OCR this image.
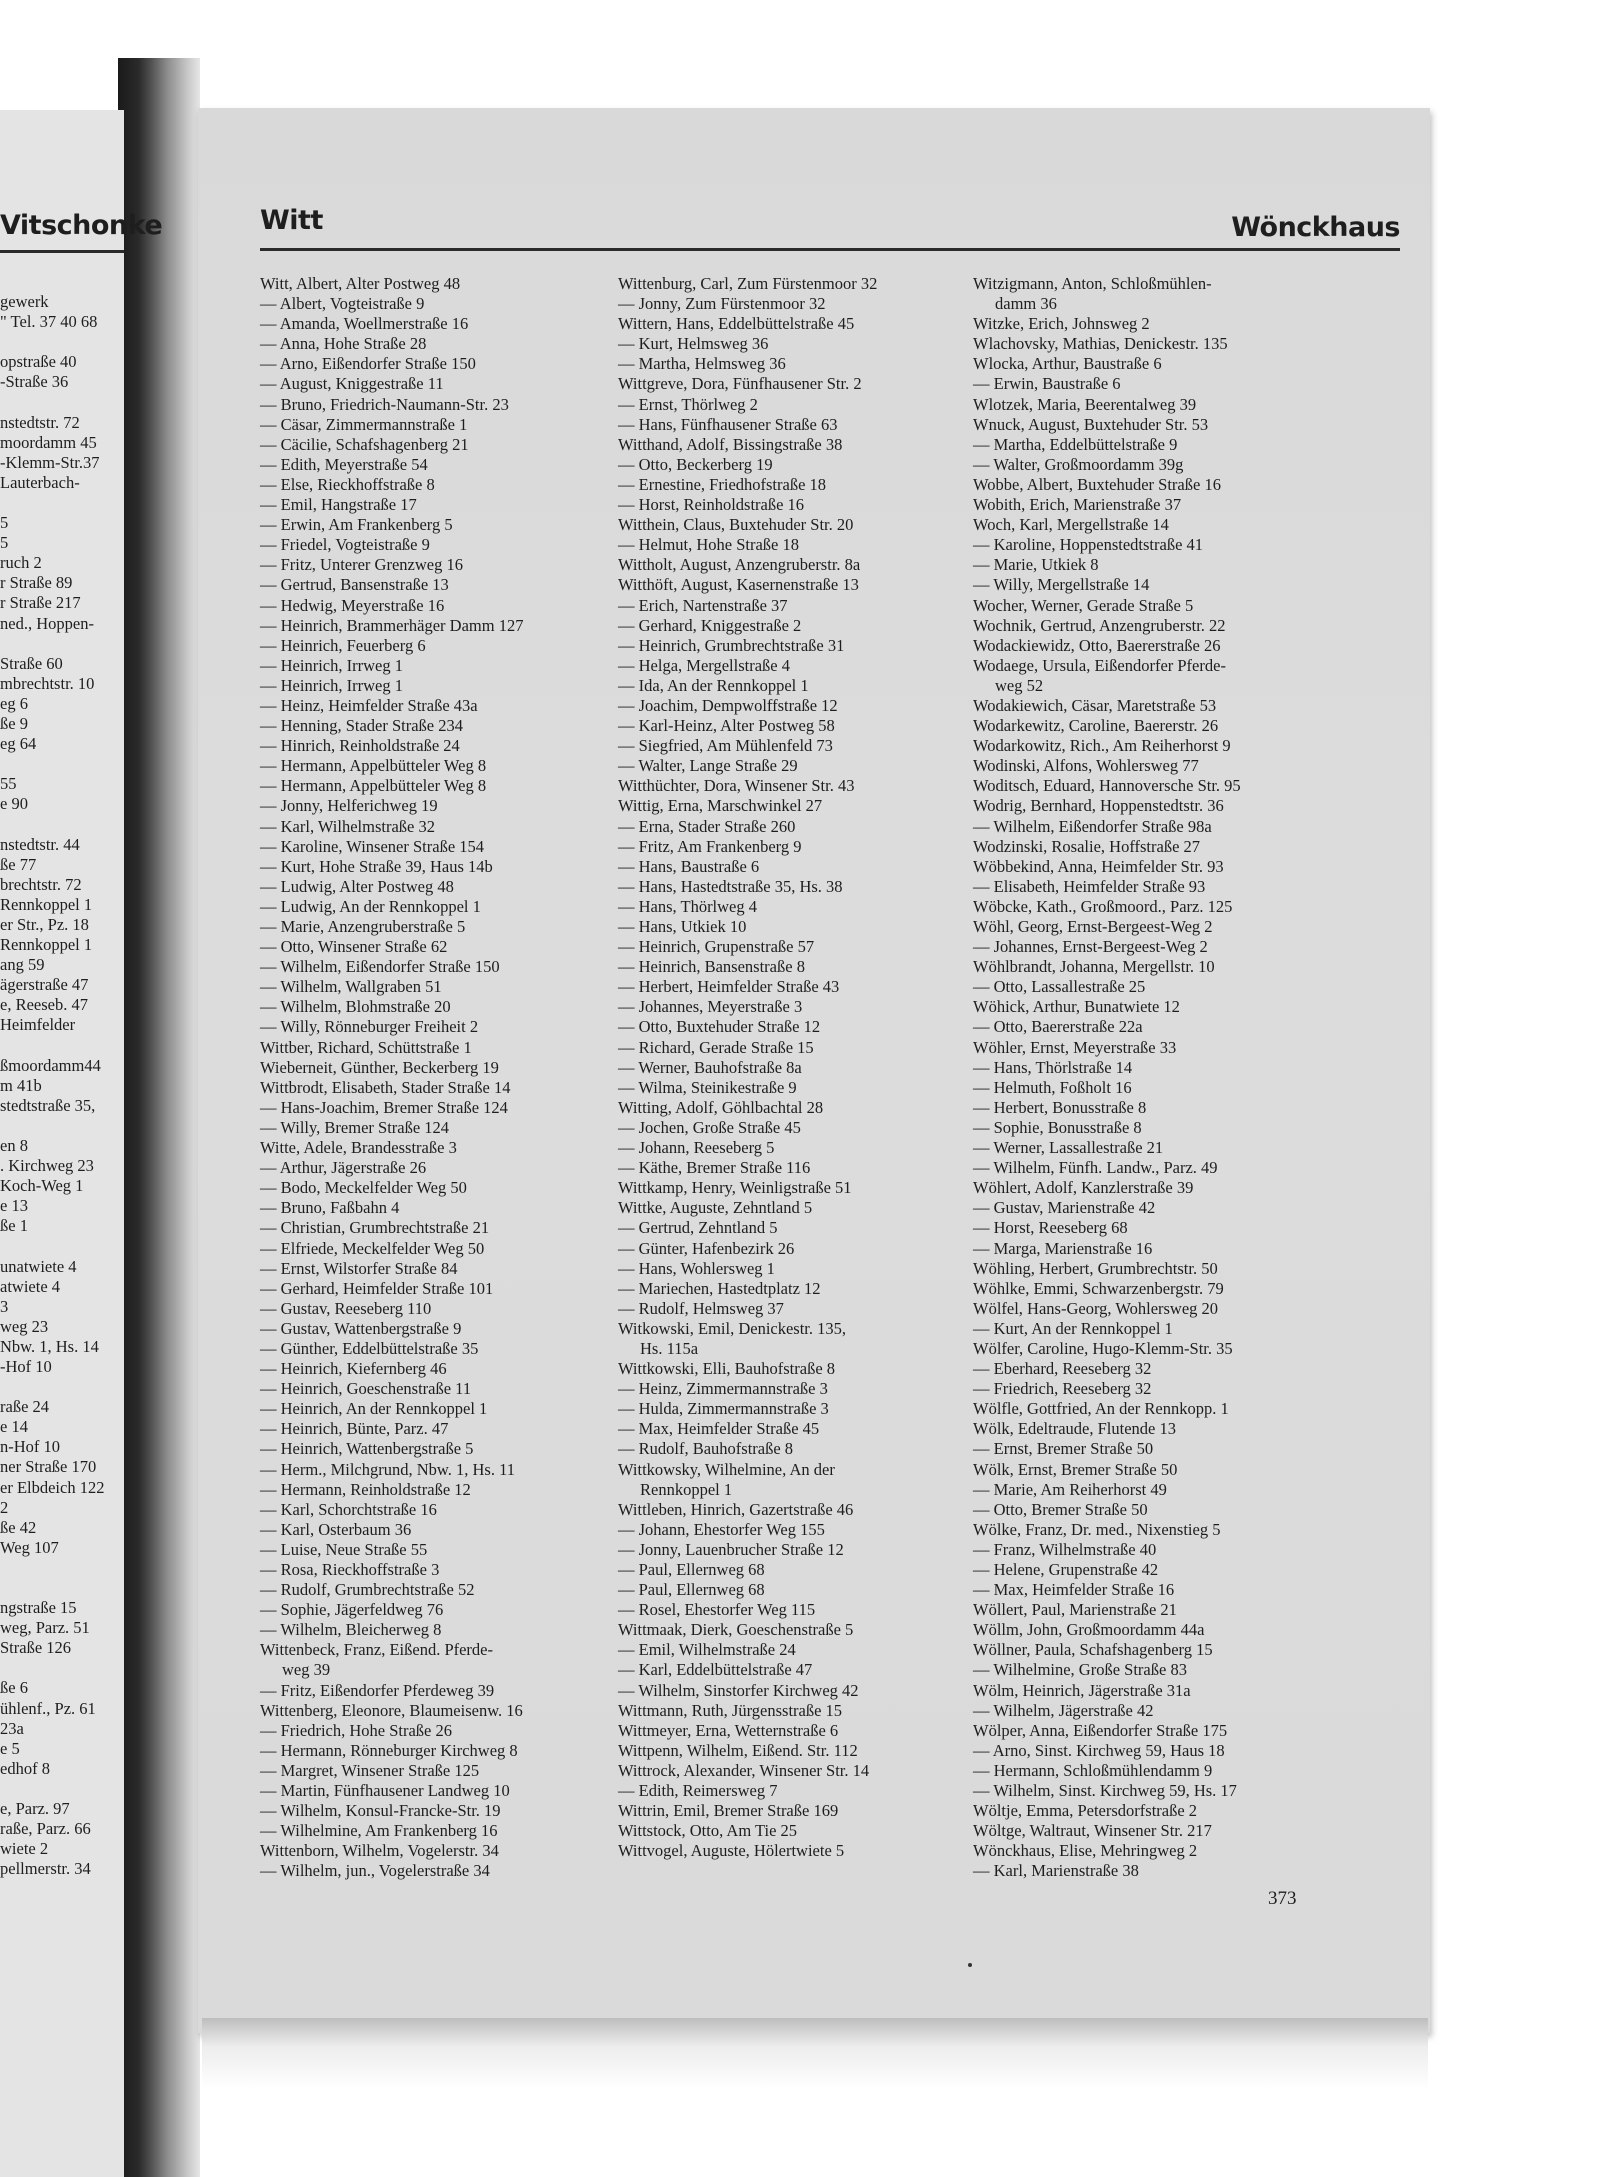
Vitschonke
gewerk
" Tel. 37 40 68

opstraße 40
-Straße 36

nstedtstr. 72
moordamm 45
-Klemm-Str.37
Lauterbach-

5
5
ruch 2
r Straße 89
r Straße 217
ned., Hoppen-

Straße 60
mbrechtstr. 10
eg 6
ße 9
eg 64

55
e 90

nstedtstr. 44
ße 77
brechtstr. 72
Rennkoppel 1
er Str., Pz. 18
Rennkoppel 1
ang 59
ägerstraße 47
e, Reeseb. 47
Heimfelder

ßmoordamm44
m 41b
stedtstraße 35,

en 8
. Kirchweg 23
Koch-Weg 1
e 13
ße 1

unatwiete 4
atwiete 4
3
weg 23
Nbw. 1, Hs. 14
-Hof 10

raße 24
e 14
n-Hof 10
ner Straße 170
er Elbdeich 122
2
ße 42
Weg 107

ngstraße 15
weg, Parz. 51
Straße 126

ße 6
ühlenf., Pz. 61
23a
e 5
edhof 8

e, Parz. 97
raße, Parz. 66
wiete 2
pellmerstr. 34
Witt	Wönckhaus
Witt, Albert, Alter Postweg 48
— Albert, Vogteistraße 9
— Amanda, Woellmerstraße 16
— Anna, Hohe Straße 28
— Arno, Eißendorfer Straße 150
— August, Kniggestraße 11
— Bruno, Friedrich-Naumann-Str. 23
— Cäsar, Zimmermannstraße 1
— Cäcilie, Schafshagenberg 21
— Edith, Meyerstraße 54
— Else, Rieckhoffstraße 8
— Emil, Hangstraße 17
— Erwin, Am Frankenberg 5
— Friedel, Vogteistraße 9
— Fritz, Unterer Grenzweg 16
— Gertrud, Bansenstraße 13
— Hedwig, Meyerstraße 16
— Heinrich, Brammerhäger Damm 127
— Heinrich, Feuerberg 6
— Heinrich, Irrweg 1
— Heinrich, Irrweg 1
— Heinz, Heimfelder Straße 43a
— Henning, Stader Straße 234
— Hinrich, Reinholdstraße 24
— Hermann, Appelbütteler Weg 8
— Hermann, Appelbütteler Weg 8
— Jonny, Helferichweg 19
— Karl, Wilhelmstraße 32
— Karoline, Winsener Straße 154
— Kurt, Hohe Straße 39, Haus 14b
— Ludwig, Alter Postweg 48
— Ludwig, An der Rennkoppel 1
— Marie, Anzengruberstraße 5
— Otto, Winsener Straße 62
— Wilhelm, Eißendorfer Straße 150
— Wilhelm, Wallgraben 51
— Wilhelm, Blohmstraße 20
— Willy, Rönneburger Freiheit 2
Wittber, Richard, Schüttstraße 1
Wieberneit, Günther, Beckerberg 19
Wittbrodt, Elisabeth, Stader Straße 14
— Hans-Joachim, Bremer Straße 124
— Willy, Bremer Straße 124
Witte, Adele, Brandesstraße 3
— Arthur, Jägerstraße 26
— Bodo, Meckelfelder Weg 50
— Bruno, Faßbahn 4
— Christian, Grumbrechtstraße 21
— Elfriede, Meckelfelder Weg 50
— Ernst, Wilstorfer Straße 84
— Gerhard, Heimfelder Straße 101
— Gustav, Reeseberg 110
— Gustav, Wattenbergstraße 9
— Günther, Eddelbüttelstraße 35
— Heinrich, Kiefernberg 46
— Heinrich, Goeschenstraße 11
— Heinrich, An der Rennkoppel 1
— Heinrich, Bünte, Parz. 47
— Heinrich, Wattenbergstraße 5
— Herm., Milchgrund, Nbw. 1, Hs. 11
— Hermann, Reinholdstraße 12
— Karl, Schorchtstraße 16
— Karl, Osterbaum 36
— Luise, Neue Straße 55
— Rosa, Rieckhoffstraße 3
— Rudolf, Grumbrechtstraße 52
— Sophie, Jägerfeldweg 76
— Wilhelm, Bleicherweg 8
Wittenbeck, Franz, Eißend. Pferde-
weg 39
— Fritz, Eißendorfer Pferdeweg 39
Wittenberg, Eleonore, Blaumeisenw. 16
— Friedrich, Hohe Straße 26
— Hermann, Rönneburger Kirchweg 8
— Margret, Winsener Straße 125
— Martin, Fünfhausener Landweg 10
— Wilhelm, Konsul-Francke-Str. 19
— Wilhelmine, Am Frankenberg 16
Wittenborn, Wilhelm, Vogelerstr. 34
— Wilhelm, jun., Vogelerstraße 34
Wittenburg, Carl, Zum Fürstenmoor 32
— Jonny, Zum Fürstenmoor 32
Wittern, Hans, Eddelbüttelstraße 45
— Kurt, Helmsweg 36
— Martha, Helmsweg 36
Wittgreve, Dora, Fünfhausener Str. 2
— Ernst, Thörlweg 2
— Hans, Fünfhausener Straße 63
Witthand, Adolf, Bissingstraße 38
— Otto, Beckerberg 19
— Ernestine, Friedhofstraße 18
— Horst, Reinholdstraße 16
Witthein, Claus, Buxtehuder Str. 20
— Helmut, Hohe Straße 18
Wittholt, August, Anzengruberstr. 8a
Witthöft, August, Kasernenstraße 13
— Erich, Nartenstraße 37
— Gerhard, Kniggestraße 2
— Heinrich, Grumbrechtstraße 31
— Helga, Mergellstraße 4
— Ida, An der Rennkoppel 1
— Joachim, Dempwolffstraße 12
— Karl-Heinz, Alter Postweg 58
— Siegfried, Am Mühlenfeld 73
— Walter, Lange Straße 29
Witthüchter, Dora, Winsener Str. 43
Wittig, Erna, Marschwinkel 27
— Erna, Stader Straße 260
— Fritz, Am Frankenberg 9
— Hans, Baustraße 6
— Hans, Hastedtstraße 35, Hs. 38
— Hans, Thörlweg 4
— Hans, Utkiek 10
— Heinrich, Grupenstraße 57
— Heinrich, Bansenstraße 8
— Herbert, Heimfelder Straße 43
— Johannes, Meyerstraße 3
— Otto, Buxtehuder Straße 12
— Richard, Gerade Straße 15
— Werner, Bauhofstraße 8a
— Wilma, Steinikestraße 9
Witting, Adolf, Göhlbachtal 28
— Jochen, Große Straße 45
— Johann, Reeseberg 5
— Käthe, Bremer Straße 116
Wittkamp, Henry, Weinligstraße 51
Wittke, Auguste, Zehntland 5
— Gertrud, Zehntland 5
— Günter, Hafenbezirk 26
— Hans, Wohlersweg 1
— Mariechen, Hastedtplatz 12
— Rudolf, Helmsweg 37
Witkowski, Emil, Denickestr. 135,
Hs. 115a
Wittkowski, Elli, Bauhofstraße 8
— Heinz, Zimmermannstraße 3
— Hulda, Zimmermannstraße 3
— Max, Heimfelder Straße 45
— Rudolf, Bauhofstraße 8
Wittkowsky, Wilhelmine, An der
Rennkoppel 1
Wittleben, Hinrich, Gazertstraße 46
— Johann, Ehestorfer Weg 155
— Jonny, Lauenbrucher Straße 12
— Paul, Ellernweg 68
— Paul, Ellernweg 68
— Rosel, Ehestorfer Weg 115
Wittmaak, Dierk, Goeschenstraße 5
— Emil, Wilhelmstraße 24
— Karl, Eddelbüttelstraße 47
— Wilhelm, Sinstorfer Kirchweg 42
Wittmann, Ruth, Jürgensstraße 15
Wittmeyer, Erna, Wetternstraße 6
Wittpenn, Wilhelm, Eißend. Str. 112
Wittrock, Alexander, Winsener Str. 14
— Edith, Reimersweg 7
Wittrin, Emil, Bremer Straße 169
Wittstock, Otto, Am Tie 25
Wittvogel, Auguste, Hölertwiete 5
Witzigmann, Anton, Schloßmühlen-
damm 36
Witzke, Erich, Johnsweg 2
Wlachovsky, Mathias, Denickestr. 135
Wlocka, Arthur, Baustraße 6
— Erwin, Baustraße 6
Wlotzek, Maria, Beerentalweg 39
Wnuck, August, Buxtehuder Str. 53
— Martha, Eddelbüttelstraße 9
— Walter, Großmoordamm 39g
Wobbe, Albert, Buxtehuder Straße 16
Wobith, Erich, Marienstraße 37
Woch, Karl, Mergellstraße 14
— Karoline, Hoppenstedtstraße 41
— Marie, Utkiek 8
— Willy, Mergellstraße 14
Wocher, Werner, Gerade Straße 5
Wochnik, Gertrud, Anzengruberstr. 22
Wodackiewidz, Otto, Baererstraße 26
Wodaege, Ursula, Eißendorfer Pferde-
weg 52
Wodakiewich, Cäsar, Maretstraße 53
Wodarkewitz, Caroline, Baererstr. 26
Wodarkowitz, Rich., Am Reiherhorst 9
Wodinski, Alfons, Wohlersweg 77
Woditsch, Eduard, Hannoversche Str. 95
Wodrig, Bernhard, Hoppenstedtstr. 36
— Wilhelm, Eißendorfer Straße 98a
Wodzinski, Rosalie, Hoffstraße 27
Wöbbekind, Anna, Heimfelder Str. 93
— Elisabeth, Heimfelder Straße 93
Wöbcke, Kath., Großmoord., Parz. 125
Wöhl, Georg, Ernst-Bergeest-Weg 2
— Johannes, Ernst-Bergeest-Weg 2
Wöhlbrandt, Johanna, Mergellstr. 10
— Otto, Lassallestraße 25
Wöhick, Arthur, Bunatwiete 12
— Otto, Baererstraße 22a
Wöhler, Ernst, Meyerstraße 33
— Hans, Thörlstraße 14
— Helmuth, Foßholt 16
— Herbert, Bonusstraße 8
— Sophie, Bonusstraße 8
— Werner, Lassallestraße 21
— Wilhelm, Fünfh. Landw., Parz. 49
Wöhlert, Adolf, Kanzlerstraße 39
— Gustav, Marienstraße 42
— Horst, Reeseberg 68
— Marga, Marienstraße 16
Wöhling, Herbert, Grumbrechtstr. 50
Wöhlke, Emmi, Schwarzenbergstr. 79
Wölfel, Hans-Georg, Wohlersweg 20
— Kurt, An der Rennkoppel 1
Wölfer, Caroline, Hugo-Klemm-Str. 35
— Eberhard, Reeseberg 32
— Friedrich, Reeseberg 32
Wölfle, Gottfried, An der Rennkopp. 1
Wölk, Edeltraude, Flutende 13
— Ernst, Bremer Straße 50
Wölk, Ernst, Bremer Straße 50
— Marie, Am Reiherhorst 49
— Otto, Bremer Straße 50
Wölke, Franz, Dr. med., Nixenstieg 5
— Franz, Wilhelmstraße 40
— Helene, Grupenstraße 42
— Max, Heimfelder Straße 16
Wöllert, Paul, Marienstraße 21
Wöllm, John, Großmoordamm 44a
Wöllner, Paula, Schafshagenberg 15
— Wilhelmine, Große Straße 83
Wölm, Heinrich, Jägerstraße 31a
— Wilhelm, Jägerstraße 42
Wölper, Anna, Eißendorfer Straße 175
— Arno, Sinst. Kirchweg 59, Haus 18
— Hermann, Schloßmühlendamm 9
— Wilhelm, Sinst. Kirchweg 59, Hs. 17
Wöltje, Emma, Petersdorfstraße 2
Wöltge, Waltraut, Winsener Str. 217
Wönckhaus, Elise, Mehringweg 2
— Karl, Marienstraße 38
373
